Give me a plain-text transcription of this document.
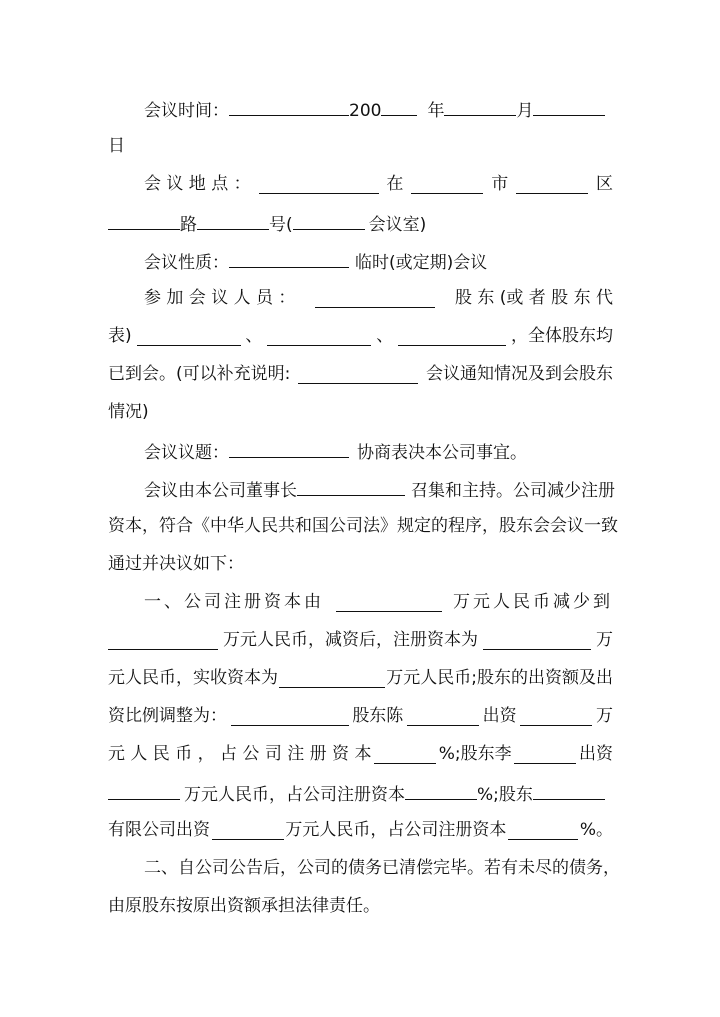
会议时间：	200	年	月
日
会 议 地 点 ：	在	市	区
路	号(	会议室)
会议性质：	临时(或定期)会议
参 加 会 议 人 员 ：	股 东 (或 者 股 东 代
表)	、	、	，全体股东均
已到会。(可以补充说明:	会议通知情况及到会股东
情况)
会议议题：	协商表决本公司事宜。
会议由本公司董事长	召集和主持。公司减少注册
资本，符合《中华人民共和国公司法》规定的程序，股东会会议一致
通过并决议如下：
一、公司注册资本由	万元人民币减少到
万元人民币，减资后，注册资本为	万
元人民币，实收资本为	万元人民币;股东的出资额及出
资比例调整为：	股东陈	出资	万
元 人 民 币 ， 占 公 司 注 册 资 本	%;股东李	出资
万元人民币，占公司注册资本	%;股东
有限公司出资	万元人民币，占公司注册资本	%。
二、自公司公告后，公司的债务已清偿完毕。若有未尽的债务，
由原股东按原出资额承担法律责任。
